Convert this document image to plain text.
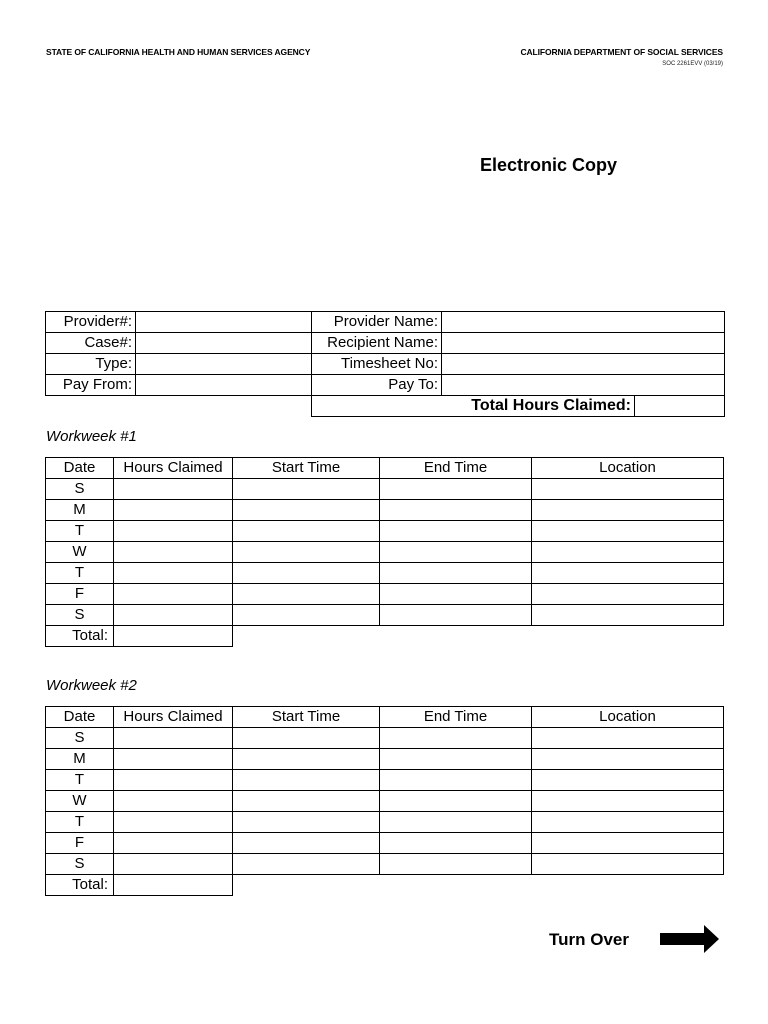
STATE OF CALIFORNIA HEALTH AND HUMAN SERVICES AGENCY	CALIFORNIA DEPARTMENT OF SOCIAL SERVICES
SOC 2261EVV (03/19)
Electronic Copy
Provider#:		Provider Name:		
Case#:		Recipient Name:		
Type:		Timesheet No:		
Pay From:		Pay To:		
		Total Hours Claimed:		
Workweek #1
Date	Hours Claimed	Start Time	End Time	Location
S				
M				
T				
W				
T				
F				
S				
Total:				
Workweek #2
Date	Hours Claimed	Start Time	End Time	Location
S				
M				
T				
W				
T				
F				
S				
Total:				
Turn Over
